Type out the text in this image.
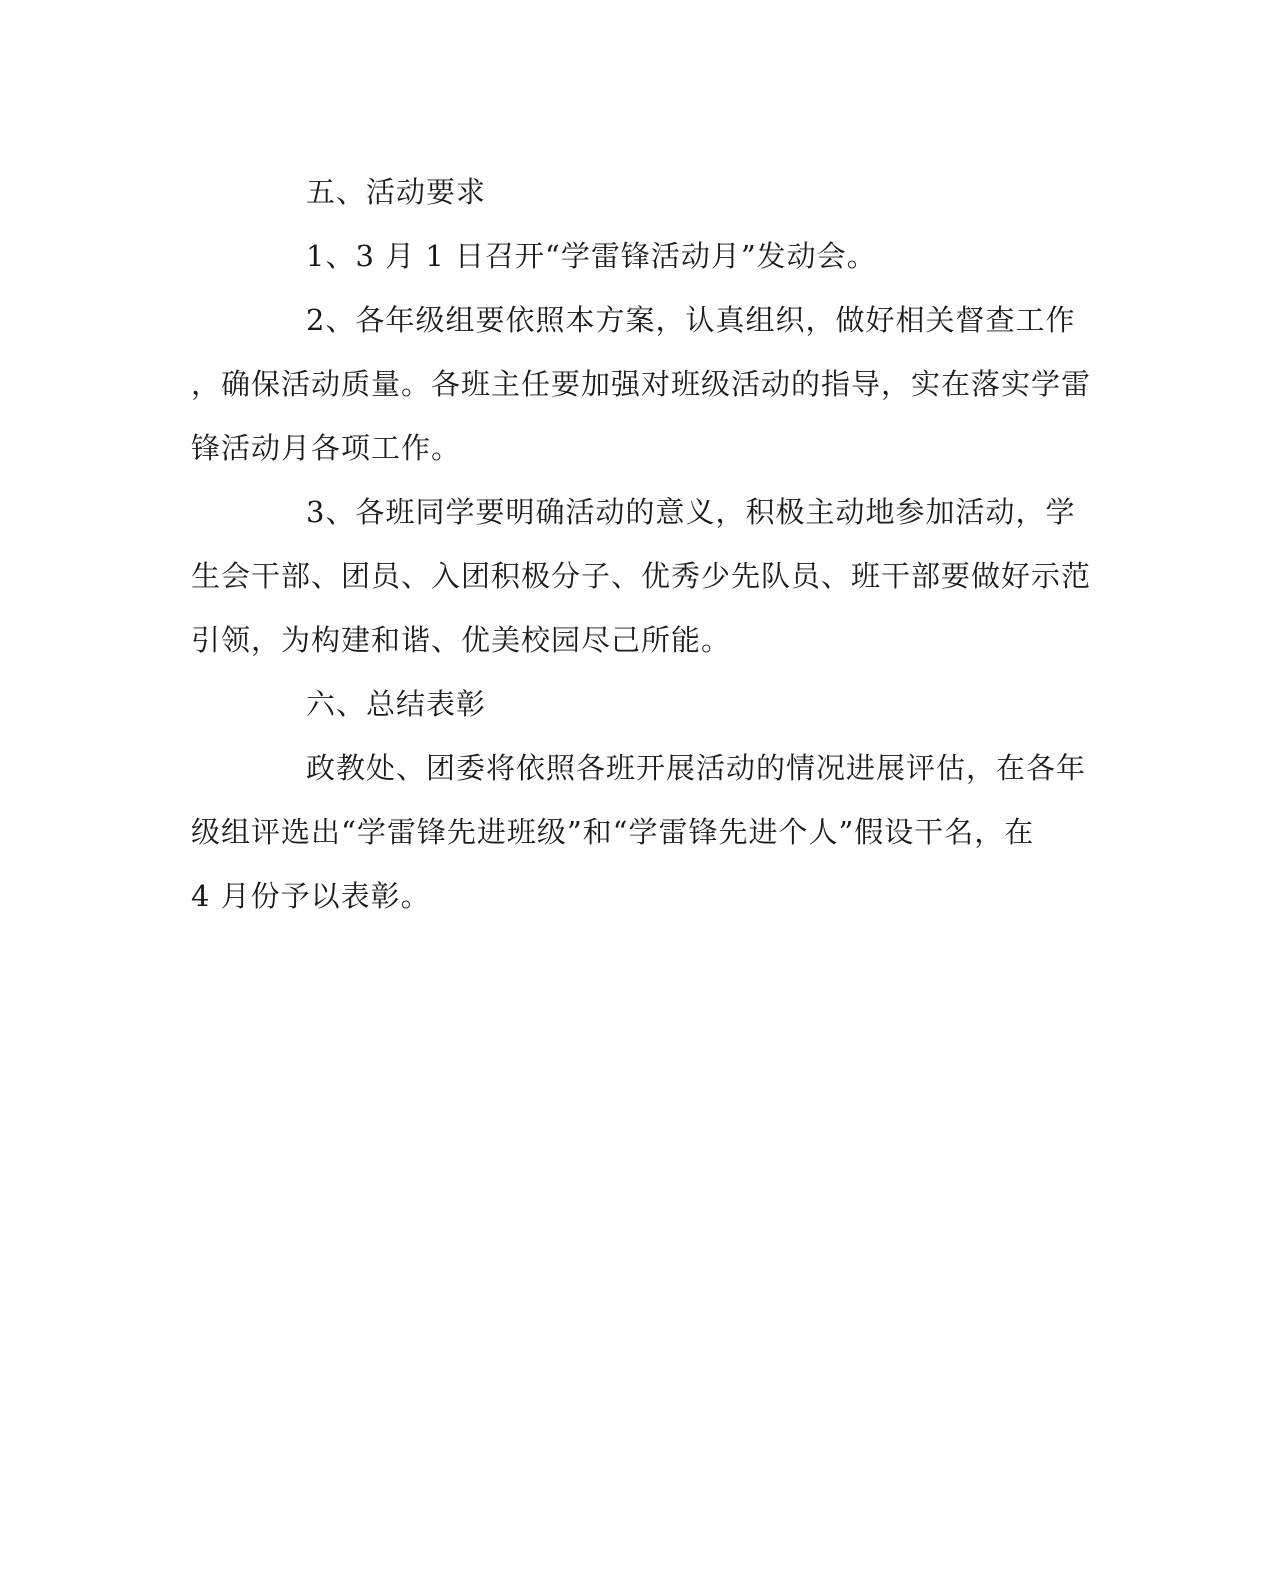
五、活动要求
1、3 月 1 日召开“学雷锋活动月”发动会。
2、各年级组要依照本方案，认真组织，做好相关督查工作
，确保活动质量。各班主任要加强对班级活动的指导，实在落实学雷
锋活动月各项工作。
3、各班同学要明确活动的意义，积极主动地参加活动，学
生会干部、团员、入团积极分子、优秀少先队员、班干部要做好示范
引领，为构建和谐、优美校园尽己所能。
六、总结表彰
政教处、团委将依照各班开展活动的情况进展评估，在各年
级组评选出“学雷锋先进班级”和“学雷锋先进个人”假设干名，在
4 月份予以表彰。
